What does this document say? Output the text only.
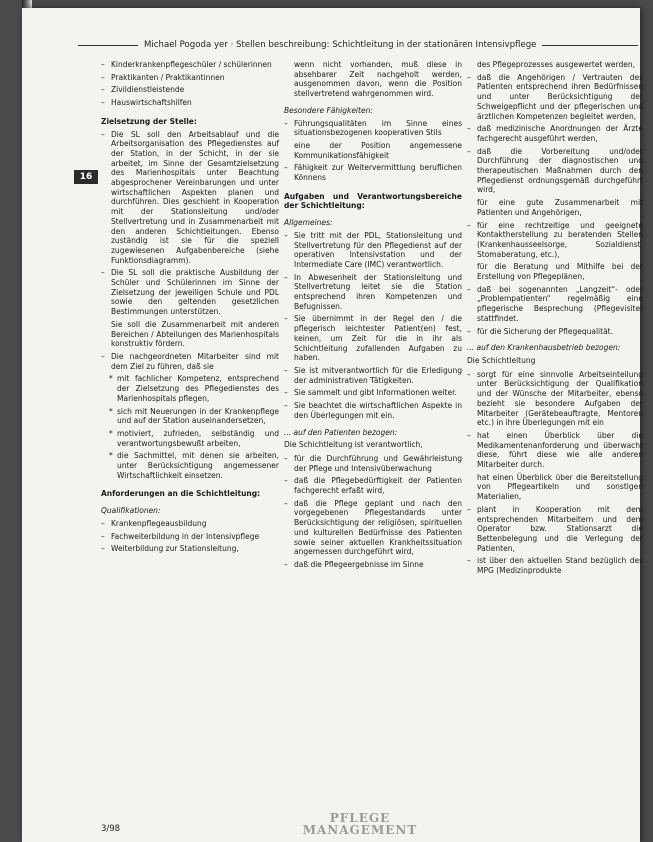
Michael Pogoda yer · Stellen beschreibung: Schichtleitung in der stationären Intensivpflege
16
– Kinderkrankenpflegeschüler / schülerinnen
– Praktikanten / Praktikantinnen
– Zivildienstleistende
– Hauswirtschaftshilfen
Zielsetzung der Stelle:
– Die SL soll den Arbeitsablauf und die Arbeitsorganisation des Pflegedienstes auf der Station, in der Schicht, in der sie arbeitet, im Sinne der Gesamtzielsetzung des Marienhospitals unter Beachtung abgesprochener Vereinbarungen und unter wirtschaftlichen Aspekten planen und durchführen. Dies geschieht in Kooperation mit der Stationsleitung und/oder Stellvertretung und in Zusammenarbeit mit den anderen Schichtleitungen. Ebenso zuständig ist sie für die speziell zugewiesenen Aufgabenbereiche (siehe Funktionsdiagramm).
– Die SL soll die praktische Ausbildung der Schüler und Schülerinnen im Sinne der Zielsetzung der jeweiligen Schule und PDL sowie den geltenden gesetzlichen Bestimmungen unterstützen.
Sie soll die Zusammenarbeit mit anderen Bereichen / Abteilungen des Marienhospitals konstruktiv fördern.
– Die nachgeordneten Mitarbeiter sind mit dem Ziel zu führen, daß sie
* mit fachlicher Kompetenz, entsprechend der Zielsetzung des Pflegedienstes des Marienhospitals pflegen,
* sich mit Neuerungen in der Krankenpflege und auf der Station auseinandersetzen,
* motiviert, zufrieden, selbständig und verantwortungsbewußt arbeiten,
* die Sachmittel, mit denen sie arbeiten, unter Berücksichtigung angemessener Wirtschaftlichkeit einsetzen.
Anforderungen an die Schichtleitung:
Qualifikationen:
– Krankenpflegeausbildung
– Fachweiterbildung in der Intensivpflege
– Weiterbildung zur Stationsleitung,
wenn nicht vorhanden, muß diese in absehbarer Zeit nachgeholt werden, ausgenommen davon, wenn die Position stellvertretend wahrgenommen wird.
Besondere Fähigkeiten:
– Führungsqualitäten im Sinne eines situationsbezogenen kooperativen Stils
eine der Position angemessene Kommunikationsfähigkeit
– Fähigkeit zur Weitervermittlung beruflichen Könnens
Aufgaben und Verantwortungsbereiche der Schichtleitung:
Allgemeines:
– Sie tritt mit der PDL, Stationsleitung und Stellvertretung für den Pflegedienst auf der operativen Intensivstation und der Intermediate Care (IMC) verantwortlich.
– In Abwesenheit der Stationsleitung und Stellvertretung leitet sie die Station entsprechend ihren Kompetenzen und Befugnissen.
– Sie übernimmt in der Regel den / die pflegerisch leichtester Patient(en) fest, keinen, um Zeit für die in ihr als Schichtleitung zufallenden Aufgaben zu haben.
– Sie ist mitverantwortlich für die Erledigung der administrativen Tätigkeiten.
– Sie sammelt und gibt Informationen weiter.
– Sie beachtet die wirtschaftlichen Aspekte in den Überlegungen mit ein.
... auf den Patienten bezogen:
Die Schichtleitung ist verantwortlich,
– für die Durchführung und Gewährleistung der Pflege und Intensivüberwachung
– daß die Pflegebedürftigkeit der Patienten fachgerecht erfaßt wird,
– daß die Pflege geplant und nach den vorgegebenen Pflegestandards unter Berücksichtigung der religiösen, spirituellen und kulturellen Bedürfnisse des Patienten sowie seiner aktuellen Krankheitssituation angemessen durchgeführt wird,
– daß die Pflegeergebnisse im Sinne
des Pflegeprozesses ausgewertet werden,
– daß die Angehörigen / Vertrauten des Patienten entsprechend ihren Bedürfnissen und unter Berücksichtigung der Schweigepflicht und der pflegerischen und ärztlichen Kompetenzen begleitet werden,
– daß medizinische Anordnungen der Ärzte fachgerecht ausgeführt werden,
– daß die Vorbereitung und/oder Durchführung der diagnostischen und therapeutischen Maßnahmen durch den Pflegedienst ordnungsgemäß durchgeführt wird,
für eine gute Zusammenarbeit mit Patienten und Angehörigen,
– für eine rechtzeitige und geeignete Kontaktherstellung zu beratenden Stellen (Krankenhausseelsorge, Sozialdienst, Stomaberatung, etc.),
für die Beratung und Mithilfe bei der Erstellung von Pflegeplänen,
– daß bei sogenannten „Langzeit“- oder „Problempatienten“ regelmäßig eine pflegerische Besprechung (Pflegevisite) stattfindet.
– für die Sicherung der Pflegequalität.
... auf den Krankenhausbetrieb bezogen:
Die Schichtleitung
– sorgt für eine sinnvolle Arbeitseinteilung unter Berücksichtigung der Qualifikation und der Wünsche der Mitarbeiter, ebenso bezieht sie besondere Aufgaben der Mitarbeiter (Gerätebeauftragte, Mentoren etc.) in ihre Überlegungen mit ein
– hat einen Überblick über die Medikamentenanforderung und überwacht diese, führt diese wie alle anderen Mitarbeiter durch.
hat einen Überblick über die Bereitstellung von Pflegeartikeln und sonstigen Materialien,
– plant in Kooperation mit dem entsprechenden Mitarbeitern und dem Operator bzw. Stationsarzt die Bettenbelegung und die Verlegung der Patienten,
– ist über den aktuellen Stand bezüglich des MPG (Medizinprodukte
3/98
PFLEGE
MANAGEMENT
